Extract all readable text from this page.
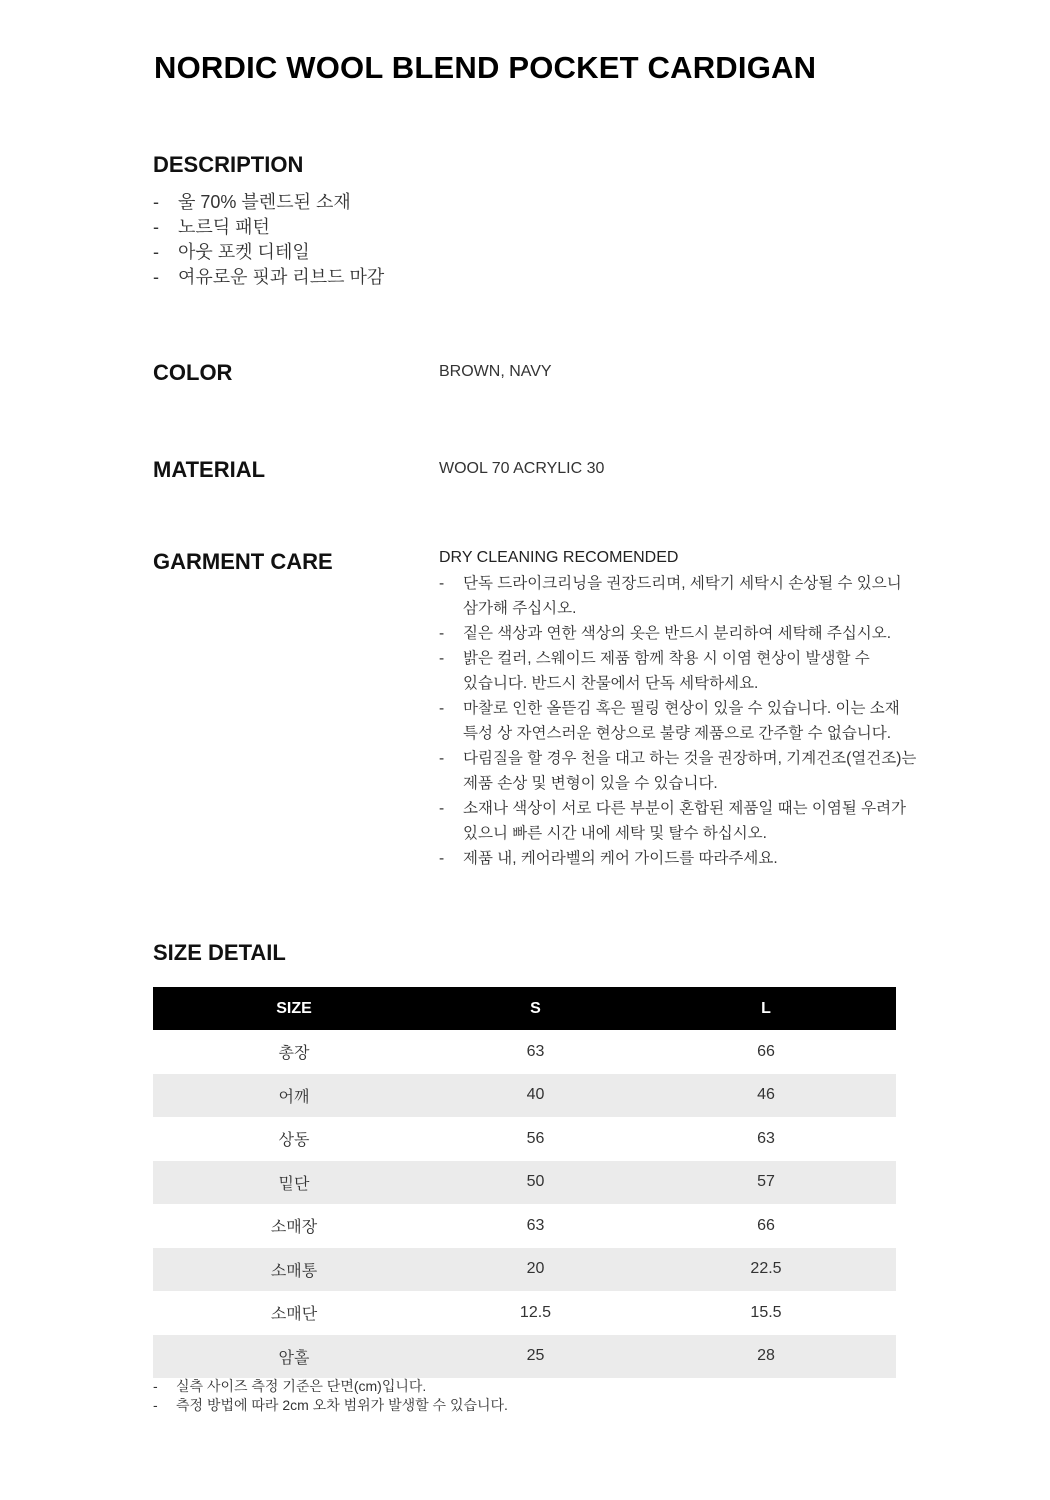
NORDIC WOOL BLEND POCKET CARDIGAN
DESCRIPTION
-	울 70% 블렌드된 소재
-	노르딕 패턴
-	아웃 포켓 디테일
-	여유로운 핏과 리브드 마감
COLOR	BROWN, NAVY
MATERIAL	WOOL 70 ACRYLIC 30
GARMENT CARE	DRY CLEANING RECOMENDED
-	단독 드라이크리닝을 권장드리며, 세탁기 세탁시 손상될 수 있으니
삼가해 주십시오.
-	짙은 색상과 연한 색상의 옷은 반드시 분리하여 세탁해 주십시오.
-	밝은 컬러, 스웨이드 제품 함께 착용 시 이염 현상이 발생할 수
있습니다. 반드시 찬물에서 단독 세탁하세요.
-	마찰로 인한 올뜯김 혹은 필링 현상이 있을 수 있습니다. 이는 소재
특성 상 자연스러운 현상으로 불량 제품으로 간주할 수 없습니다.
-	다림질을 할 경우 천을 대고 하는 것을 권장하며, 기계건조(열건조)는
제품 손상 및 변형이 있을 수 있습니다.
-	소재나 색상이 서로 다른 부분이 혼합된 제품일 때는 이염될 우려가
있으니 빠른 시간 내에 세탁 및 탈수 하십시오.
-	제품 내, 케어라벨의 케어 가이드를 따라주세요.
SIZE DETAIL
SIZE	S	L
총장	63	66
어깨	40	46
상동	56	63
밑단	50	57
소매장	63	66
소매통	20	22.5
소매단	12.5	15.5
암홀	25	28
-	실측 사이즈 측정 기준은 단면(cm)입니다.
-	측정 방법에 따라 2cm 오차 범위가 발생할 수 있습니다.
